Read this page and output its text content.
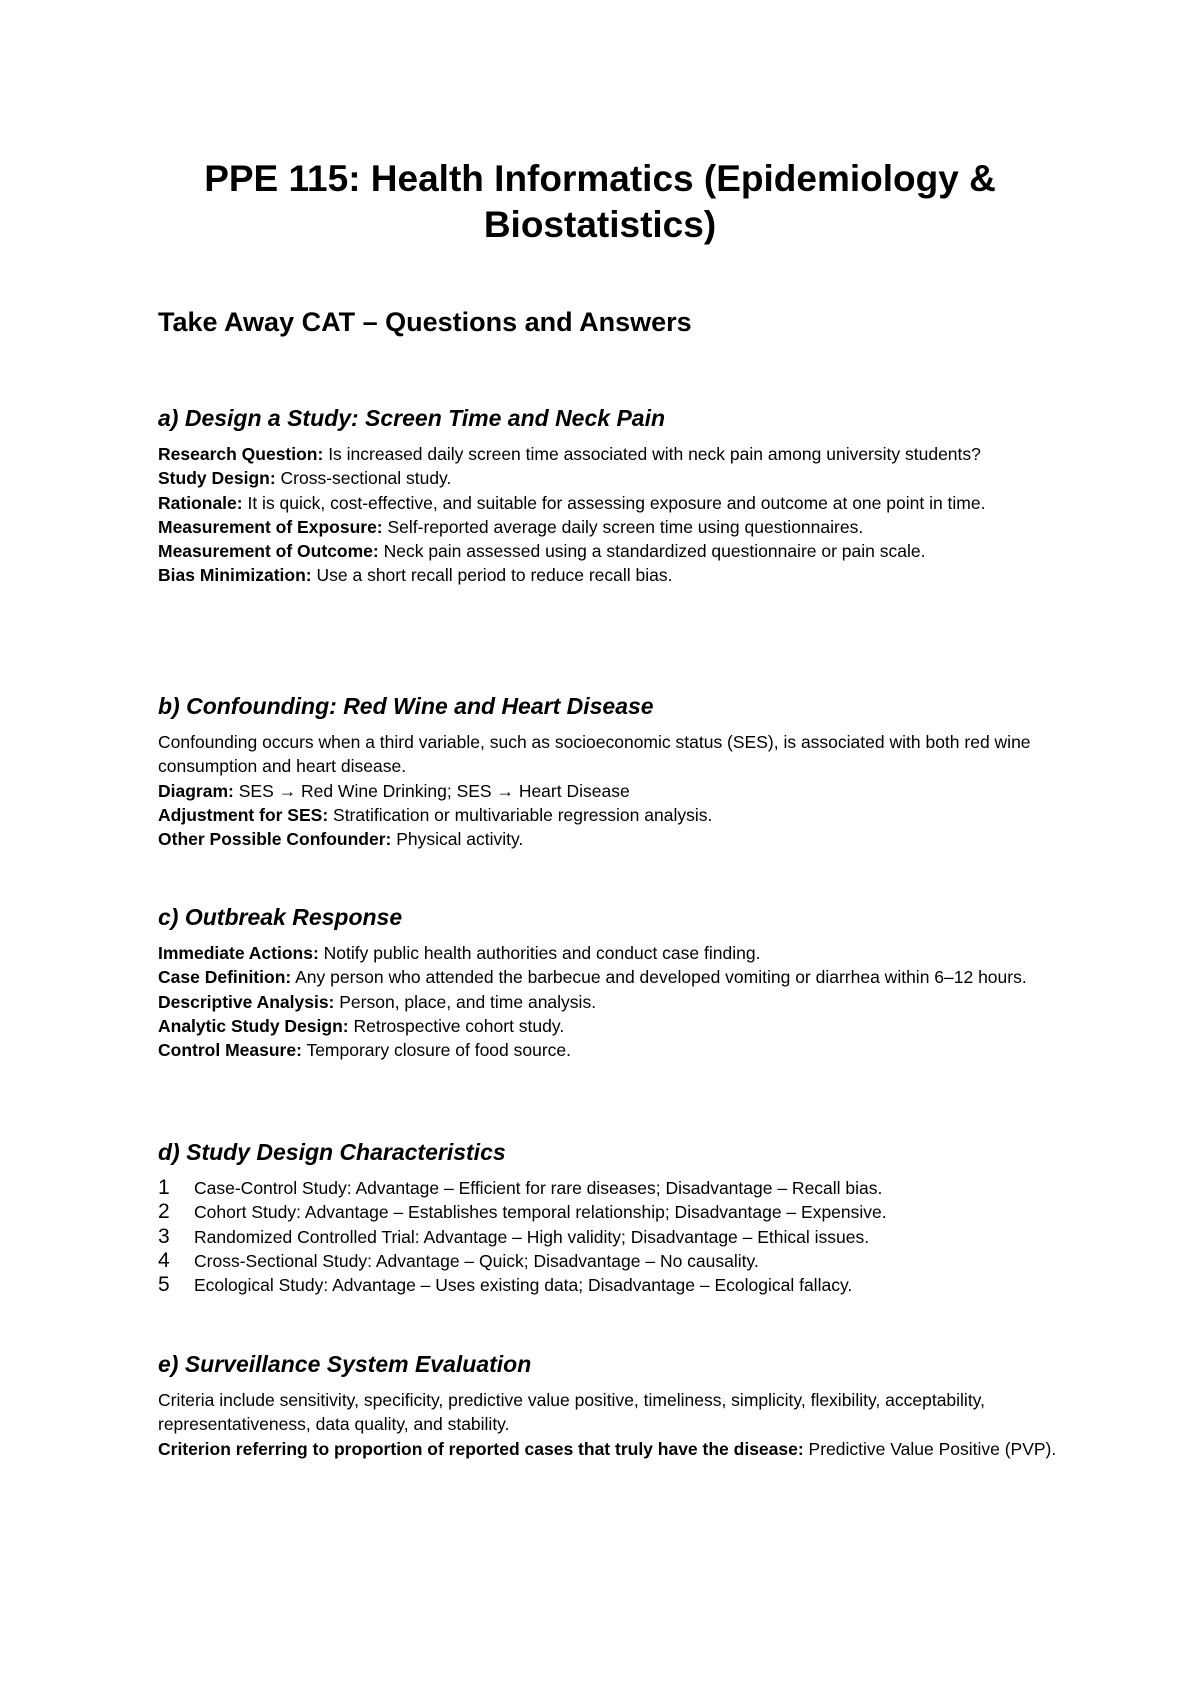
PPE 115: Health Informatics (Epidemiology & Biostatistics)
Take Away CAT – Questions and Answers
a) Design a Study: Screen Time and Neck Pain

Research Question: Is increased daily screen time associated with neck pain among university students?

Study Design: Cross-sectional study.

Rationale: It is quick, cost-effective, and suitable for assessing exposure and outcome at one point in time.

Measurement of Exposure: Self-reported average daily screen time using questionnaires.

Measurement of Outcome: Neck pain assessed using a standardized questionnaire or pain scale.

Bias Minimization: Use a short recall period to reduce recall bias.

b) Confounding: Red Wine and Heart Disease

Confounding occurs when a third variable, such as socioeconomic status (SES), is associated with both red wine consumption and heart disease.

Diagram: SES → Red Wine Drinking; SES → Heart Disease

Adjustment for SES: Stratification or multivariable regression analysis.

Other Possible Confounder: Physical activity.

c) Outbreak Response

Immediate Actions: Notify public health authorities and conduct case finding.

Case Definition: Any person who attended the barbecue and developed vomiting or diarrhea within 6–12 hours.

Descriptive Analysis: Person, place, and time analysis.

Analytic Study Design: Retrospective cohort study.

Control Measure: Temporary closure of food source.

d) Study Design Characteristics
1	Case-Control Study: Advantage – Efficient for rare diseases; Disadvantage – Recall bias.
2	Cohort Study: Advantage – Establishes temporal relationship; Disadvantage – Expensive.
3	Randomized Controlled Trial: Advantage – High validity; Disadvantage – Ethical issues.
4	Cross-Sectional Study: Advantage – Quick; Disadvantage – No causality.
5	Ecological Study: Advantage – Uses existing data; Disadvantage – Ecological fallacy.
e) Surveillance System Evaluation

Criteria include sensitivity, specificity, predictive value positive, timeliness, simplicity, flexibility, acceptability, representativeness, data quality, and stability.

Criterion referring to proportion of reported cases that truly have the disease: Predictive Value Positive (PVP).
